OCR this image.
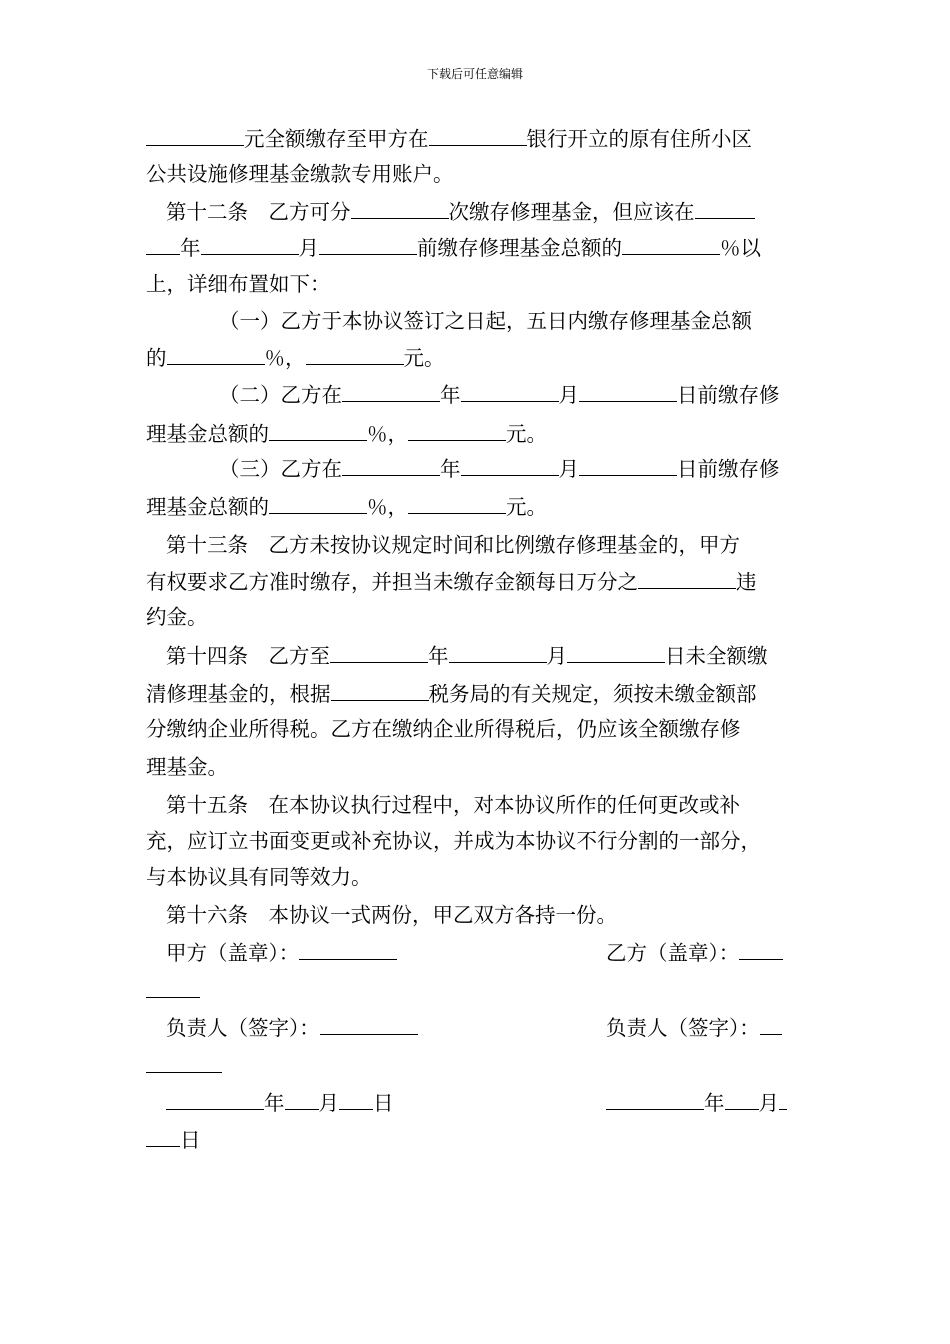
下载后可任意编辑
元全额缴存至甲方在	银行开立的原有住所小区
公共设施修理基金缴款专用账户。
第十二条　乙方可分	次缴存修理基金，但应该在
年	月	前缴存修理基金总额的	％以
上，详细布置如下：
（一）乙方于本协议签订之日起，五日内缴存修理基金总额
的	％，	元。
（二）乙方在	年	月	日前缴存修
理基金总额的	％，	元。
（三）乙方在	年	月	日前缴存修
理基金总额的	％，	元。
第十三条　乙方未按协议规定时间和比例缴存修理基金的，甲方
有权要求乙方准时缴存，并担当未缴存金额每日万分之	违
约金。
第十四条　乙方至	年	月	日未全额缴
清修理基金的，根据	税务局的有关规定，须按未缴金额部
分缴纳企业所得税。乙方在缴纳企业所得税后，仍应该全额缴存修
理基金。
第十五条　在本协议执行过程中，对本协议所作的任何更改或补
充，应订立书面变更或补充协议，并成为本协议不行分割的一部分，
与本协议具有同等效力。
第十六条　本协议一式两份，甲乙双方各持一份。
甲方（盖章）：	乙方（盖章）：
负责人（签字）：	负责人（签字）：
年 月 日	年 月
日
